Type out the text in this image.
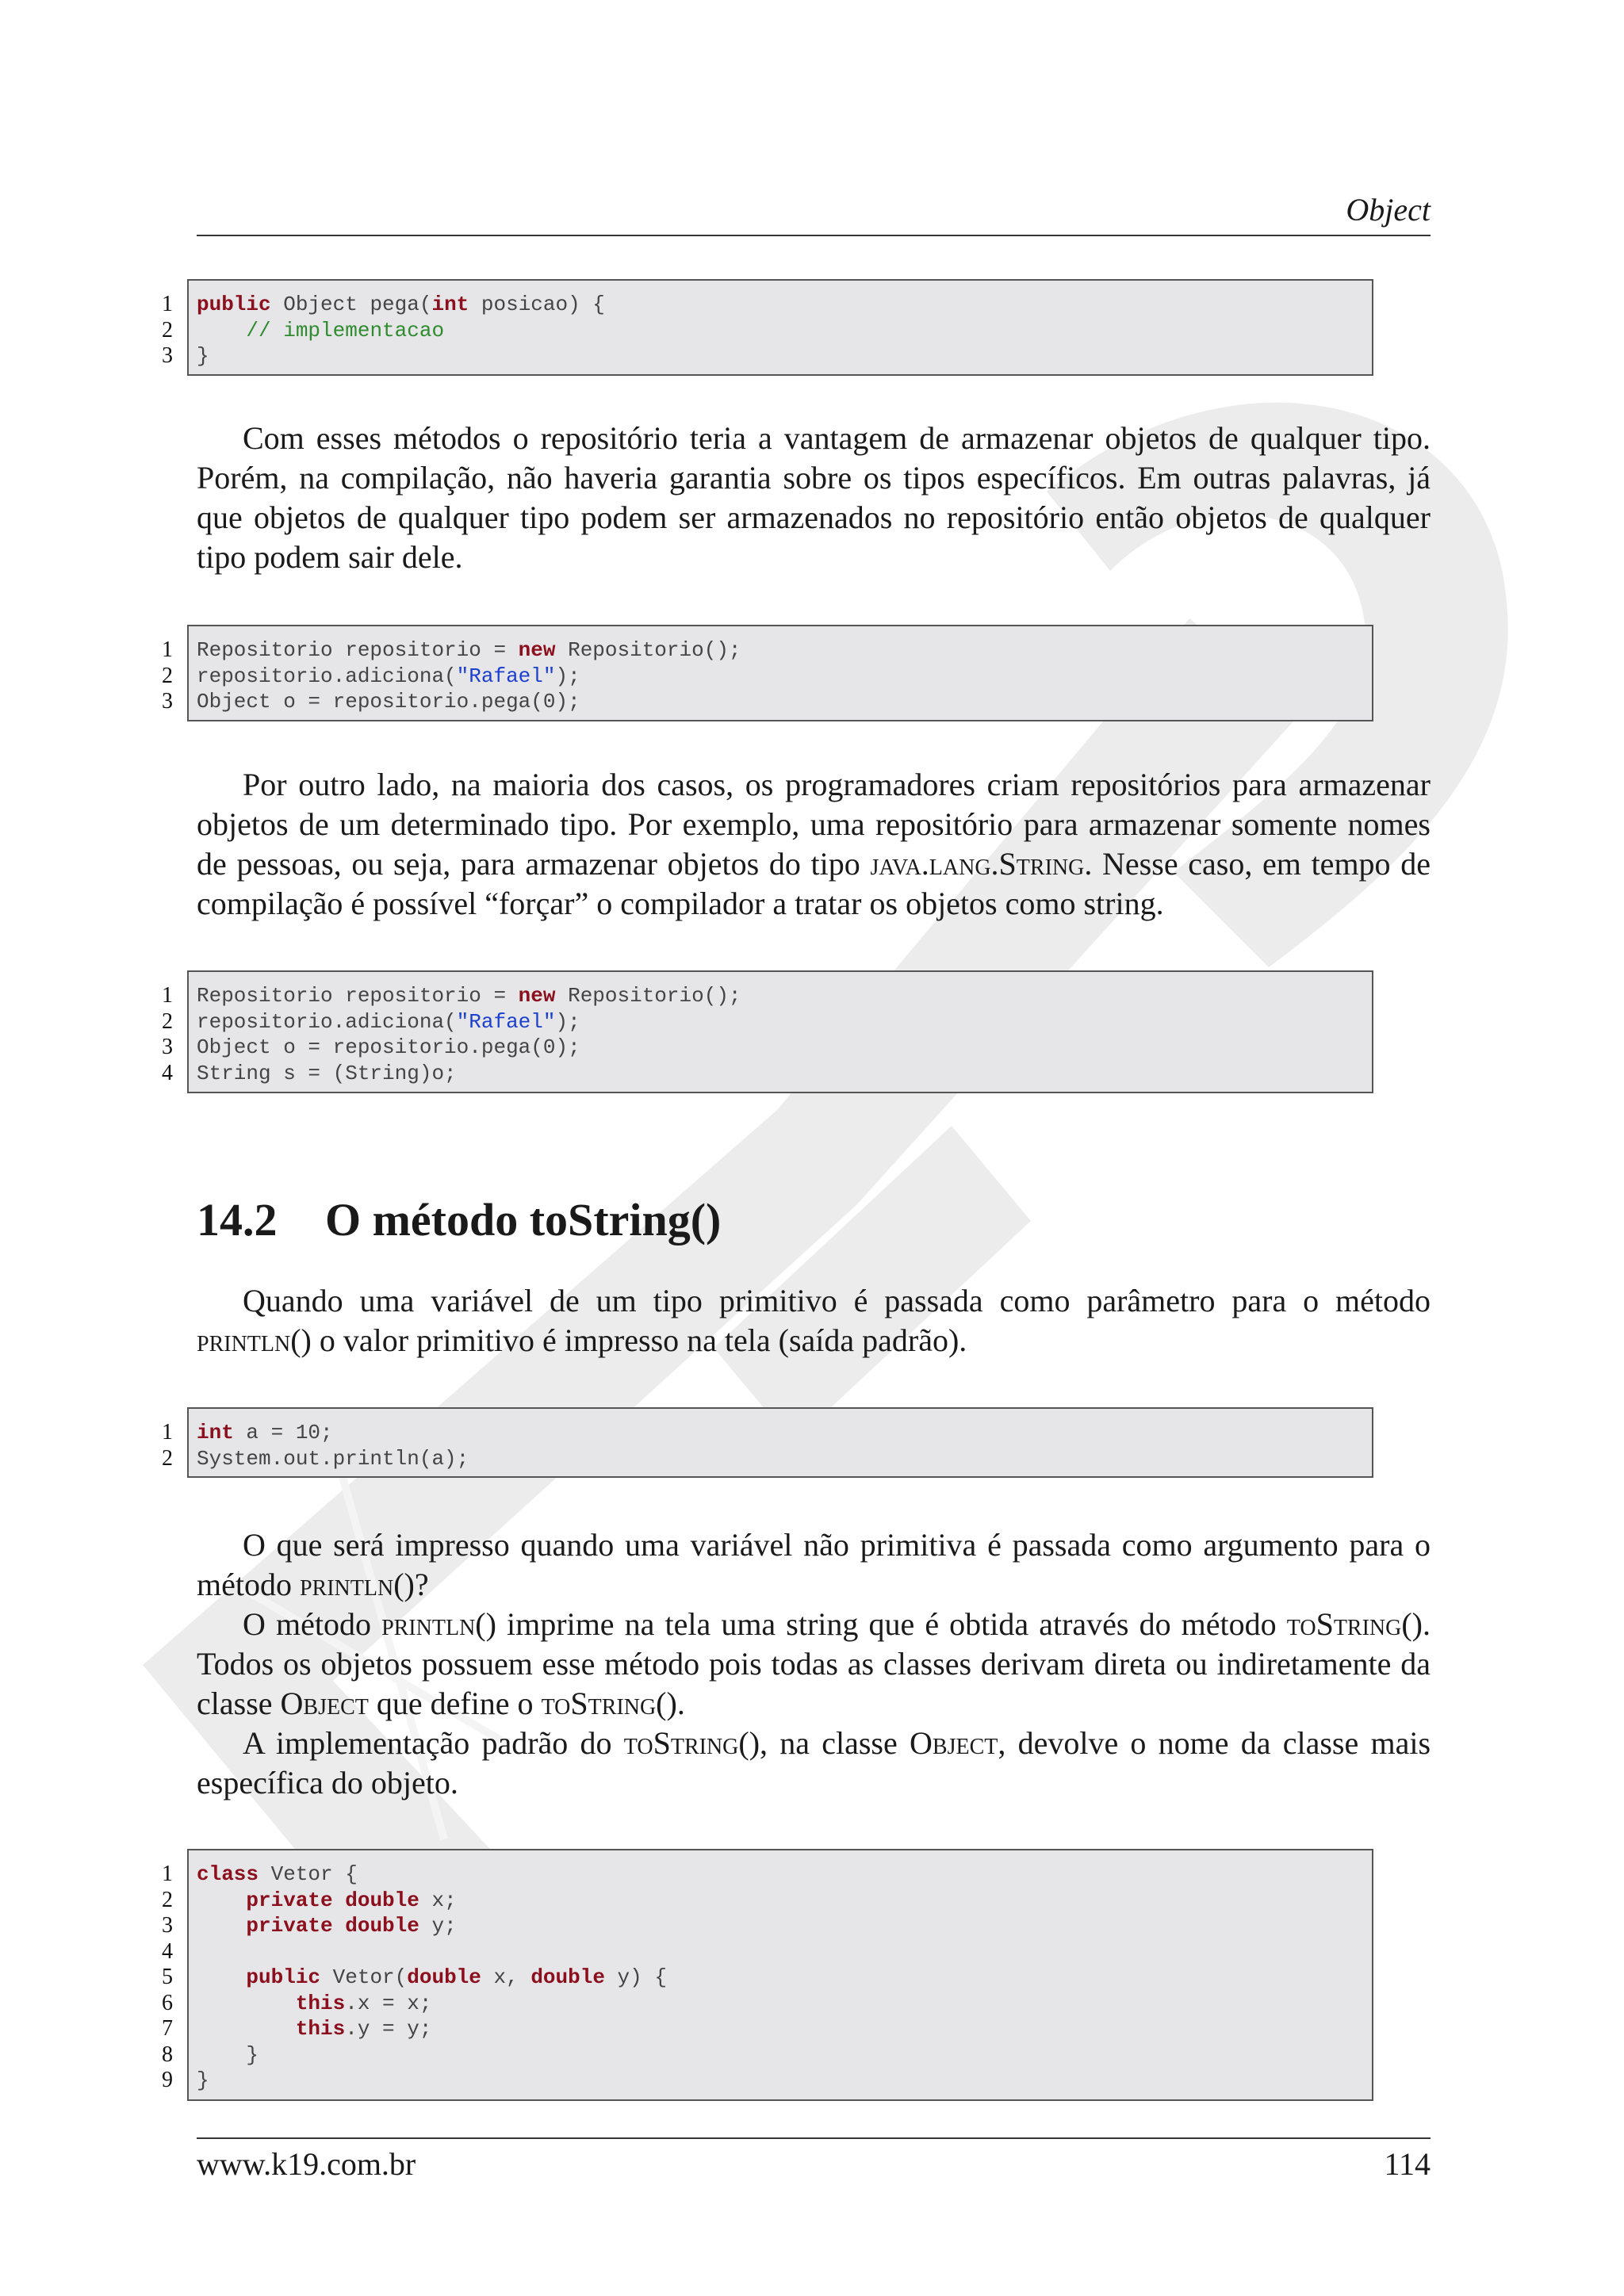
Object
1 public Object pega(int posicao) {
2	// implementacao
3 }
Com esses métodos o repositório teria a vantagem de armazenar objetos de qualquer tipo. Porém, na compilação, não haveria garantia sobre os tipos específicos. Em outras palavras, já que objetos de qualquer tipo podem ser armazenados no repositório então objetos de qualquer tipo podem sair dele.
1 Repositorio repositorio = new Repositorio();
2 repositorio.adiciona("Rafael");
3 Object o = repositorio.pega(0);
Por outro lado, na maioria dos casos, os programadores criam repositórios para armazenar objetos de um determinado tipo. Por exemplo, uma repositório para armazenar somente nomes de pessoas, ou seja, para armazenar objetos do tipo java.lang.String. Nesse caso, em tempo de compilação é possível “forçar” o compilador a tratar os objetos como string.
1 Repositorio repositorio = new Repositorio();
2 repositorio.adiciona("Rafael");
3 Object o = repositorio.pega(0);
4 String s = (String)o;
14.2 O método toString()
Quando uma variável de um tipo primitivo é passada como parâmetro para o método println() o valor primitivo é impresso na tela (saída padrão).
1 int a = 10;
2 System.out.println(a);

O que será impresso quando uma variável não primitiva é passada como argumento para o método println()?

O método println() imprime na tela uma string que é obtida através do método toString(). Todos os objetos possuem esse método pois todas as classes derivam direta ou indiretamente da classe Object que define o toString().

A implementação padrão do toString(), na classe Object, devolve o nome da classe mais específica do objeto.

1 class Vetor {
2	private double x;
3	private double y;
4
5	public Vetor(double x, double y) {
6	this.x = x;
7	this.y = y;
8 }
9 }
www.k19.com.br	114
